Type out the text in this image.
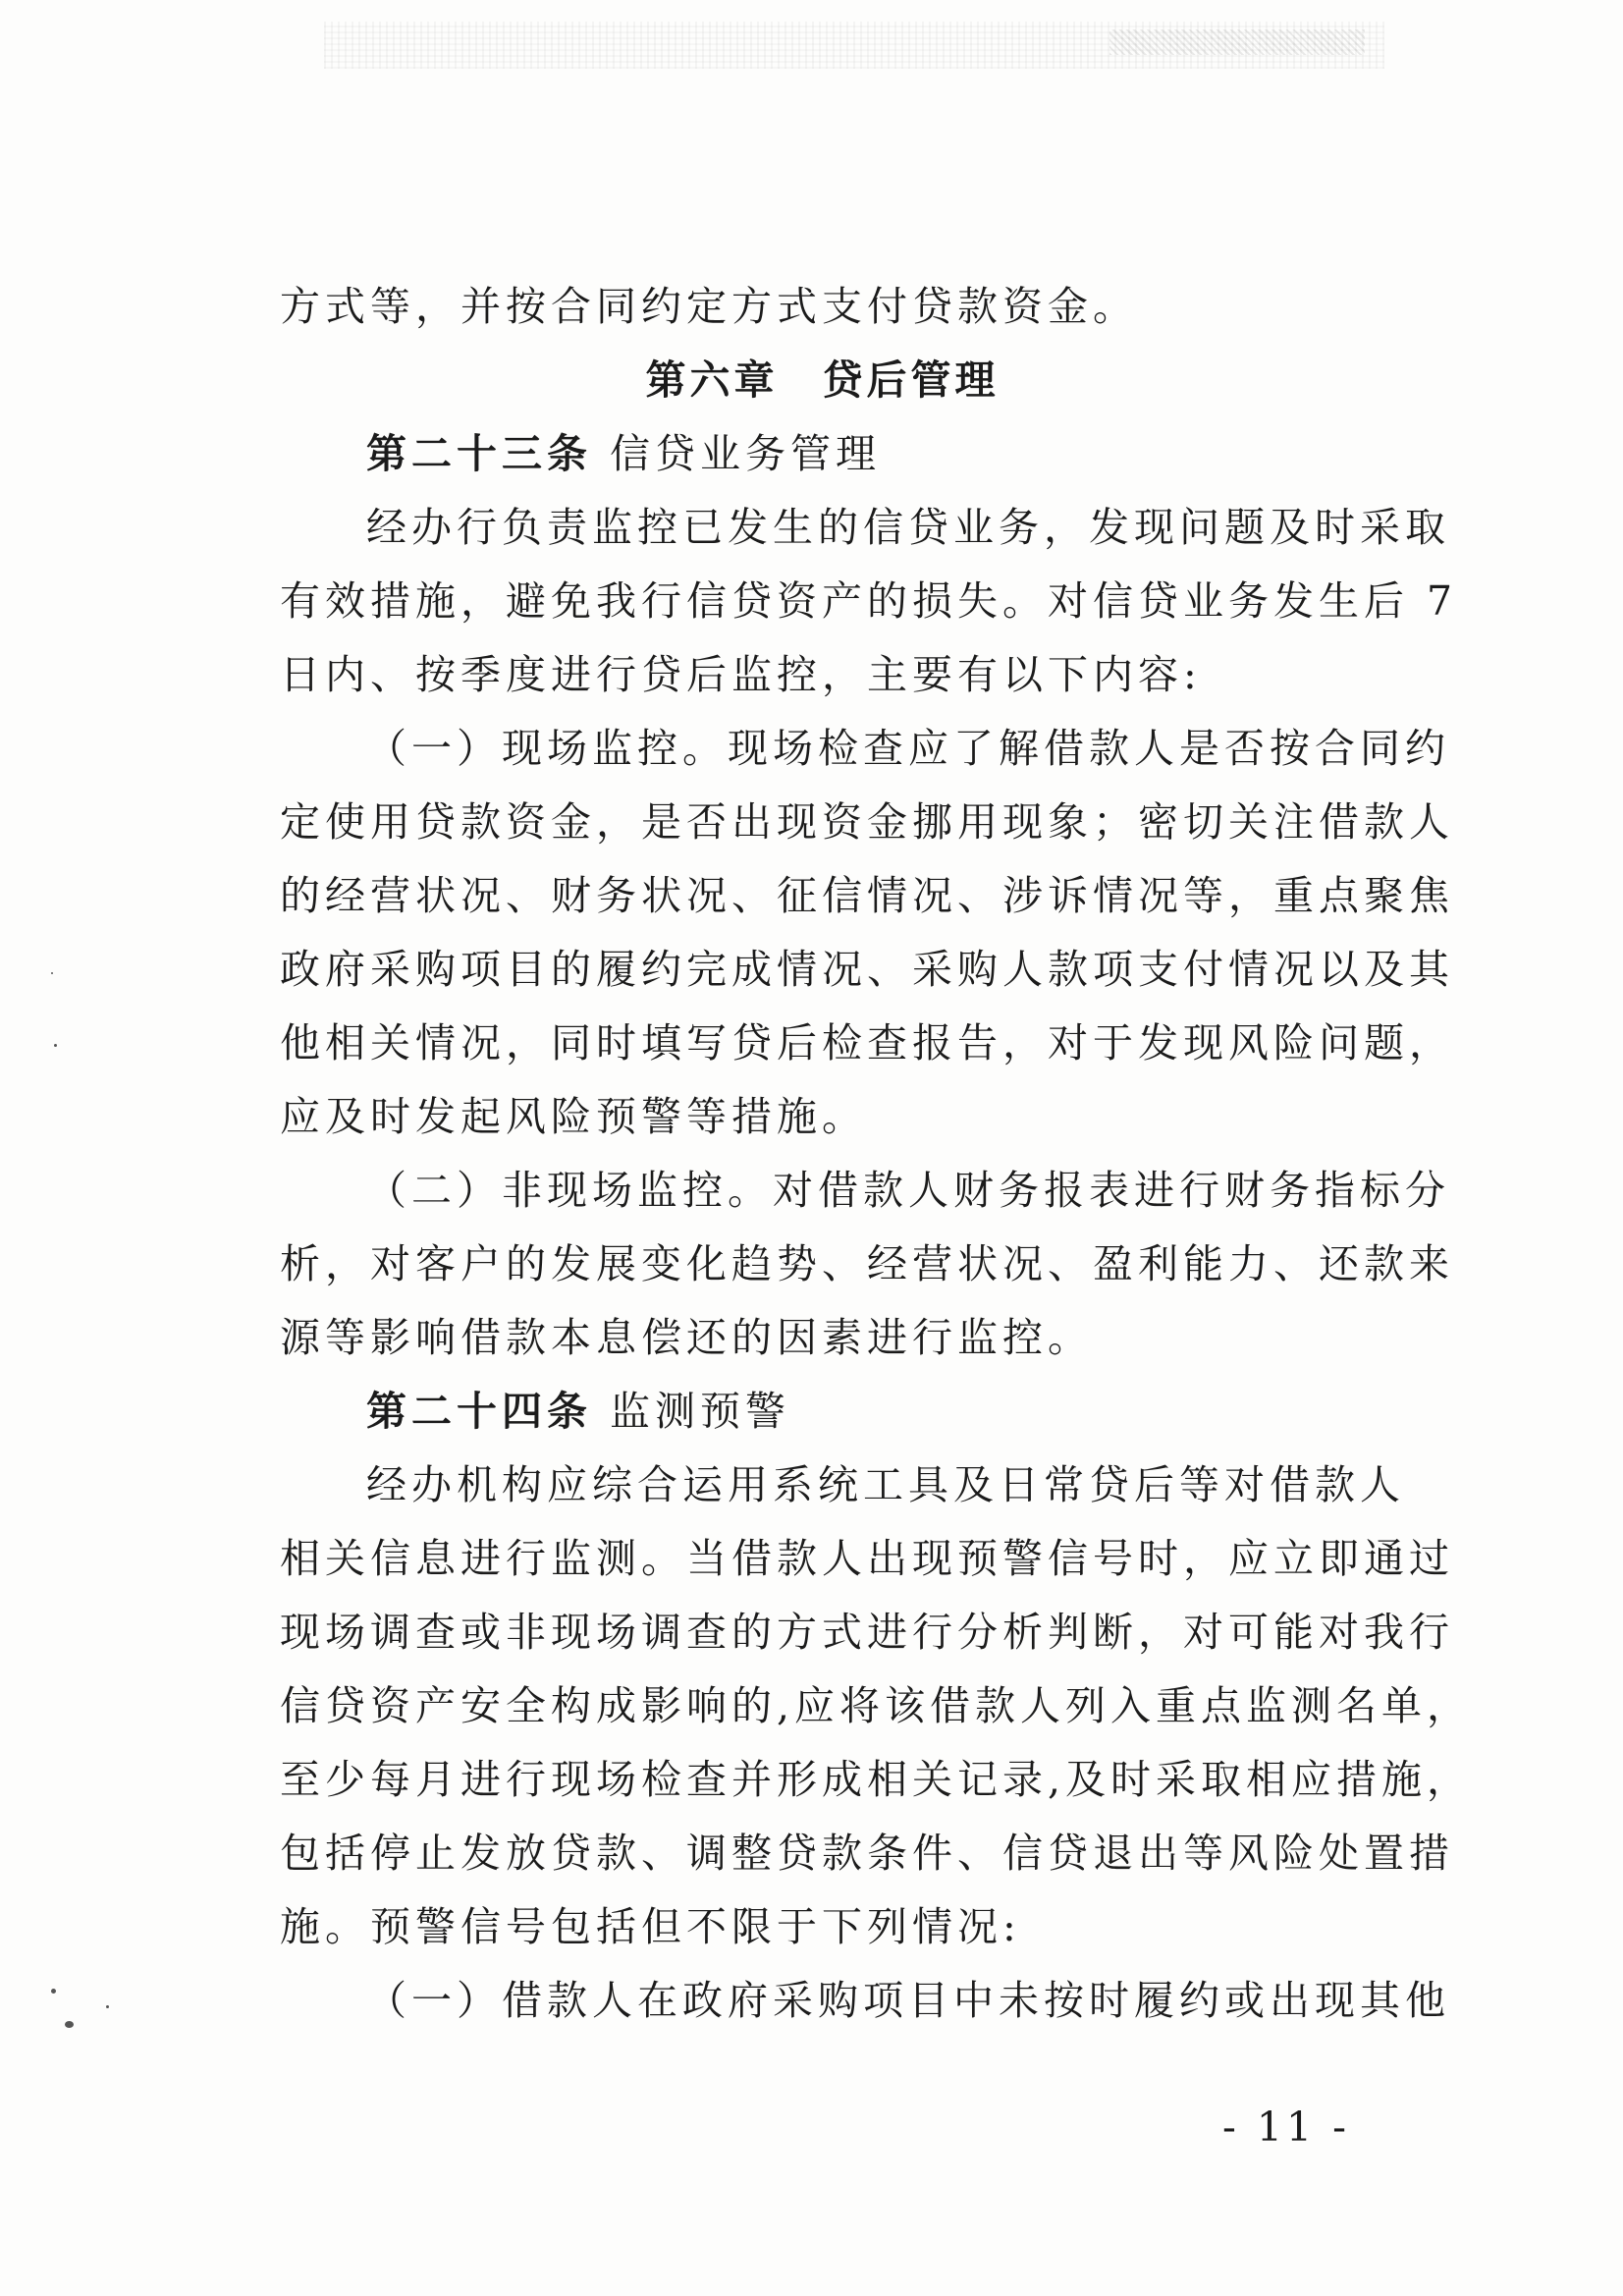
方式等，并按合同约定方式支付贷款资金。
第六章　贷后管理
第二十三条 信贷业务管理
经办行负责监控已发生的信贷业务，发现问题及时采取
有效措施，避免我行信贷资产的损失。对信贷业务发生后 7
日内、按季度进行贷后监控，主要有以下内容:
（一）现场监控。现场检查应了解借款人是否按合同约
定使用贷款资金，是否出现资金挪用现象；密切关注借款人
的经营状况、财务状况、征信情况、涉诉情况等，重点聚焦
政府采购项目的履约完成情况、采购人款项支付情况以及其
他相关情况，同时填写贷后检查报告，对于发现风险问题，
应及时发起风险预警等措施。
（二）非现场监控。对借款人财务报表进行财务指标分
析，对客户的发展变化趋势、经营状况、盈利能力、还款来
源等影响借款本息偿还的因素进行监控。
第二十四条 监测预警
经办机构应综合运用系统工具及日常贷后等对借款人
相关信息进行监测。当借款人出现预警信号时，应立即通过
现场调查或非现场调查的方式进行分析判断，对可能对我行
信贷资产安全构成影响的,应将该借款人列入重点监测名单，
至少每月进行现场检查并形成相关记录,及时采取相应措施，
包括停止发放贷款、调整贷款条件、信贷退出等风险处置措
施。预警信号包括但不限于下列情况:
（一）借款人在政府采购项目中未按时履约或出现其他
- 11 -
